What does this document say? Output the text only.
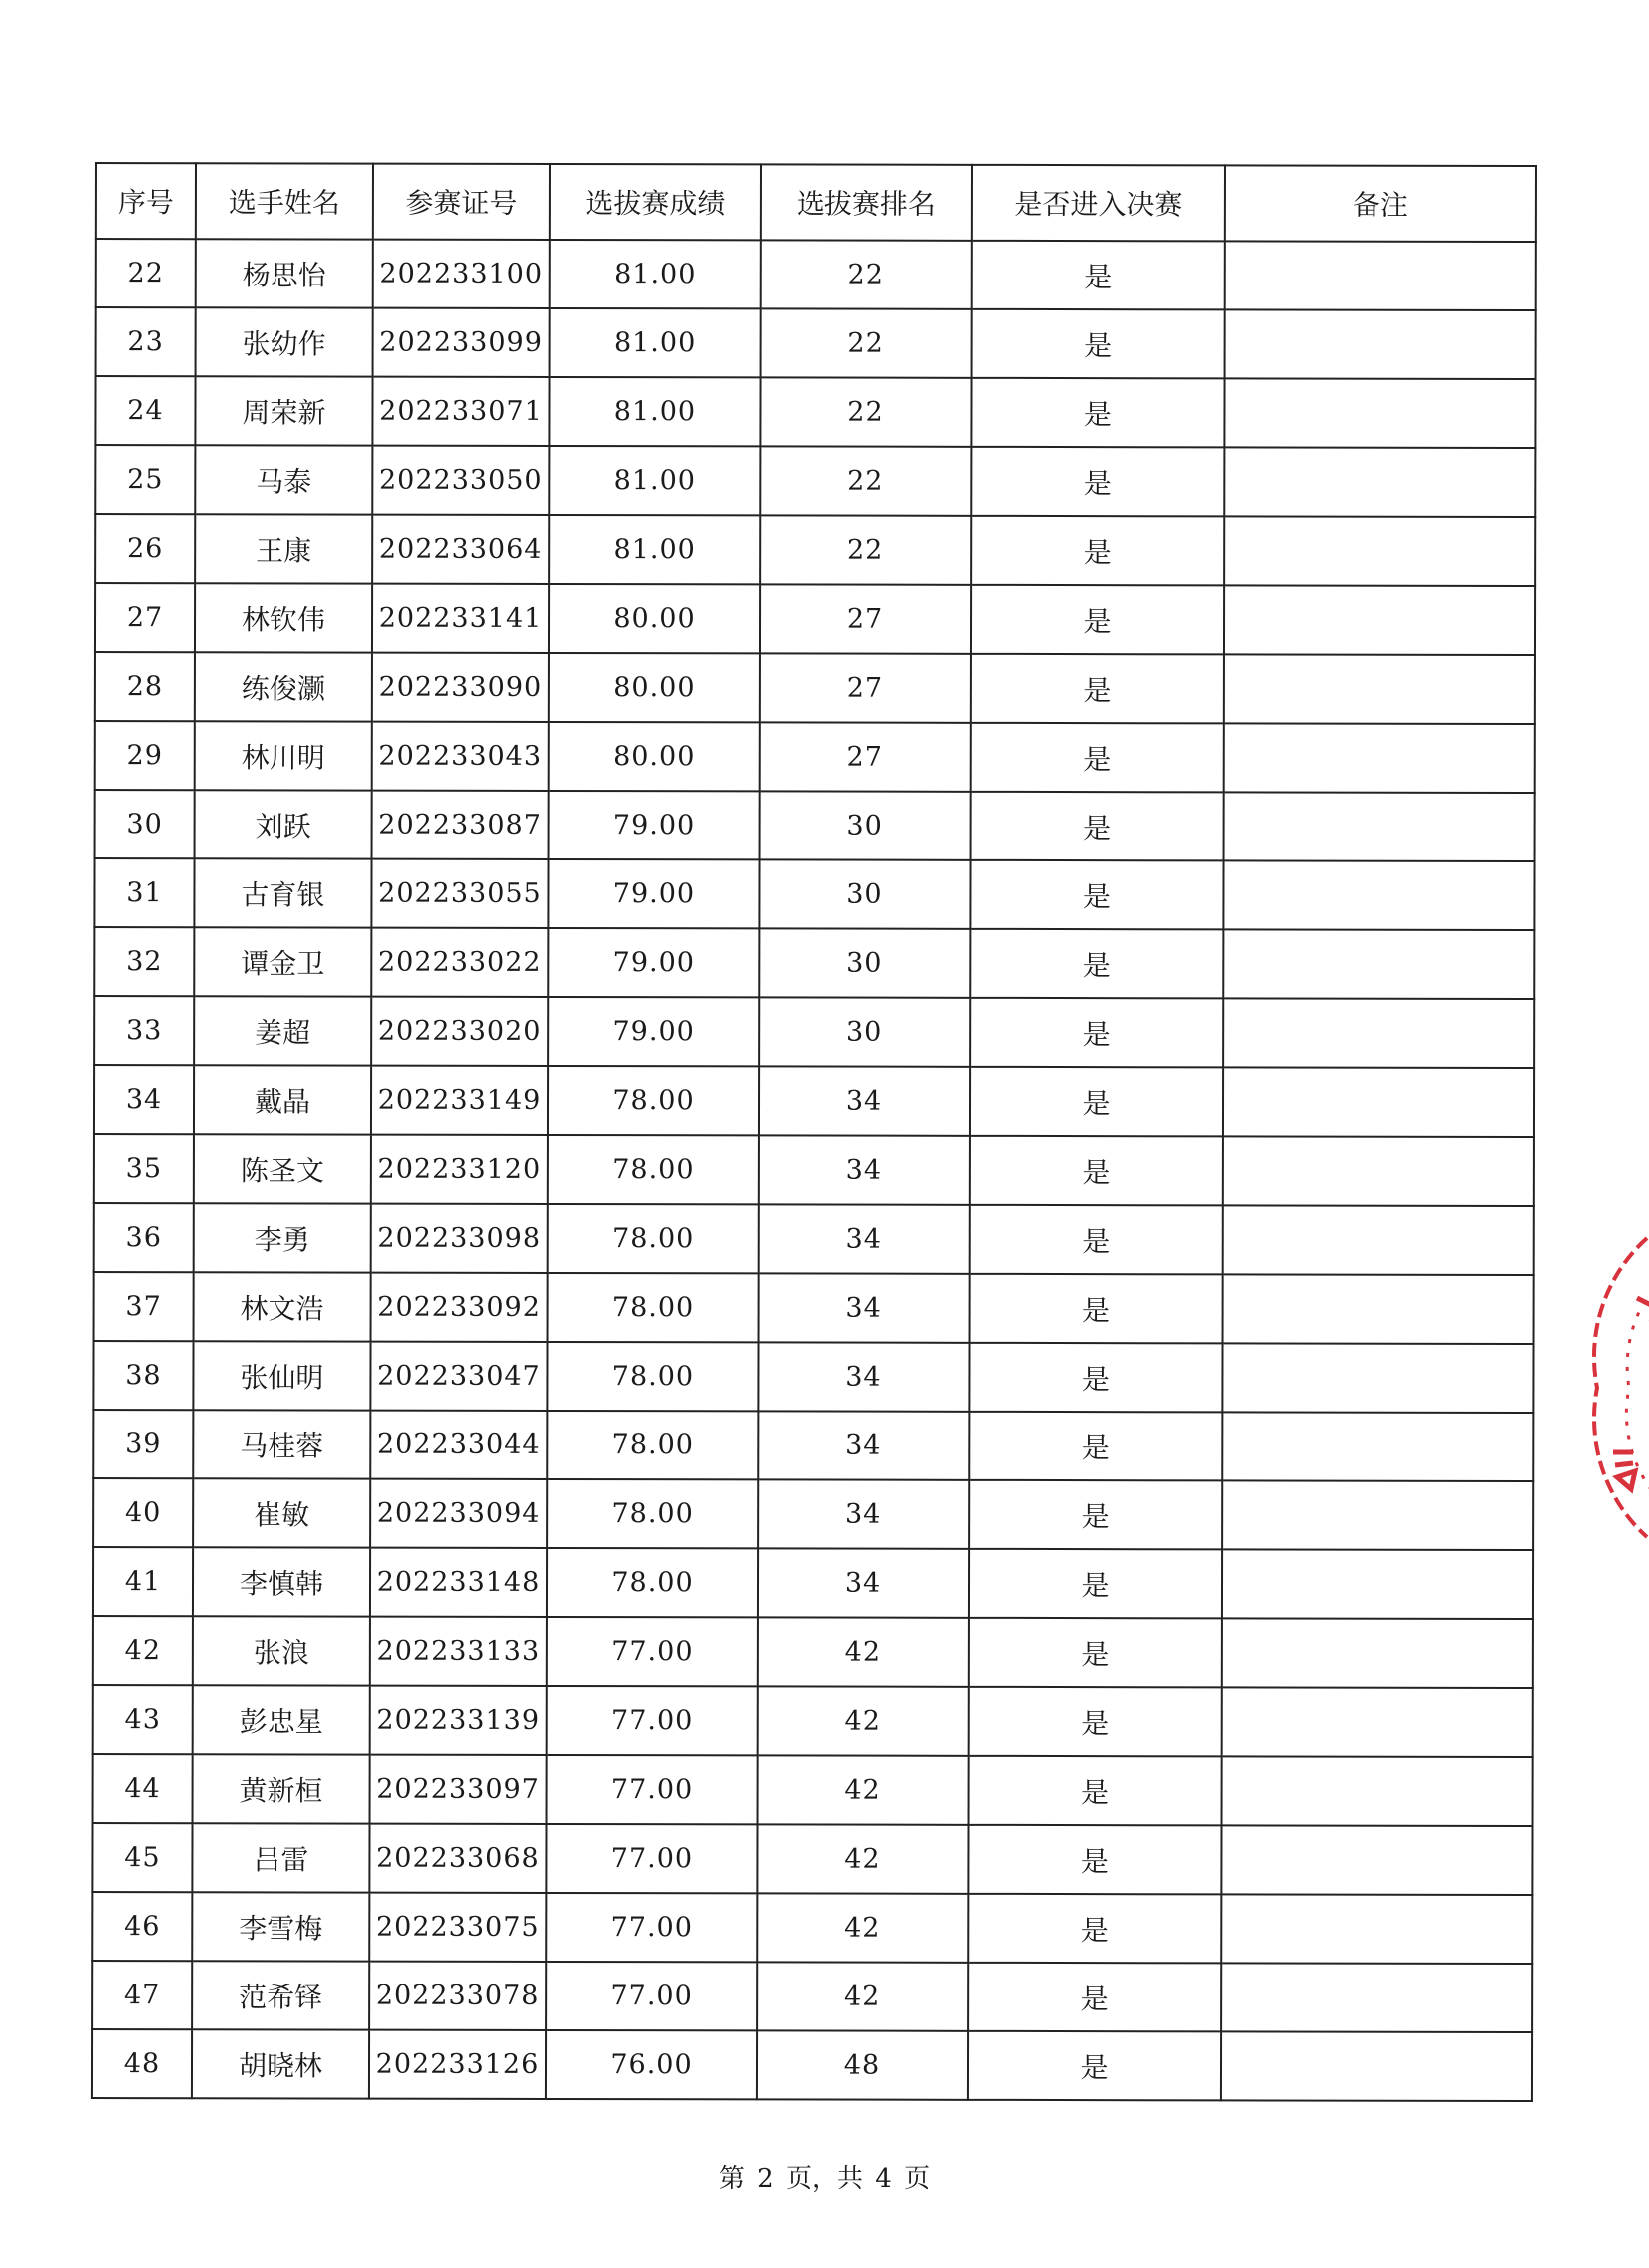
序号	选手姓名	参赛证号	选拔赛成绩	选拔赛排名	是否进入决赛	备注
22	杨思怡	202233100	81.00	22	是	
23	张幼作	202233099	81.00	22	是	
24	周荣新	202233071	81.00	22	是	
25	马泰	202233050	81.00	22	是	
26	王康	202233064	81.00	22	是	
27	林钦伟	202233141	80.00	27	是	
28	练俊灏	202233090	80.00	27	是	
29	林川明	202233043	80.00	27	是	
30	刘跃	202233087	79.00	30	是	
31	古育银	202233055	79.00	30	是	
32	谭金卫	202233022	79.00	30	是	
33	姜超	202233020	79.00	30	是	
34	戴晶	202233149	78.00	34	是	
35	陈圣文	202233120	78.00	34	是	
36	李勇	202233098	78.00	34	是	
37	林文浩	202233092	78.00	34	是	
38	张仙明	202233047	78.00	34	是	
39	马桂蓉	202233044	78.00	34	是	
40	崔敏	202233094	78.00	34	是	
41	李慎韩	202233148	78.00	34	是	
42	张浪	202233133	77.00	42	是	
43	彭忠星	202233139	77.00	42	是	
44	黄新桓	202233097	77.00	42	是	
45	吕雷	202233068	77.00	42	是	
46	李雪梅	202233075	77.00	42	是	
47	范希铎	202233078	77.00	42	是	
48	胡晓林	202233126	76.00	48	是	
第 2 页，共 4 页
